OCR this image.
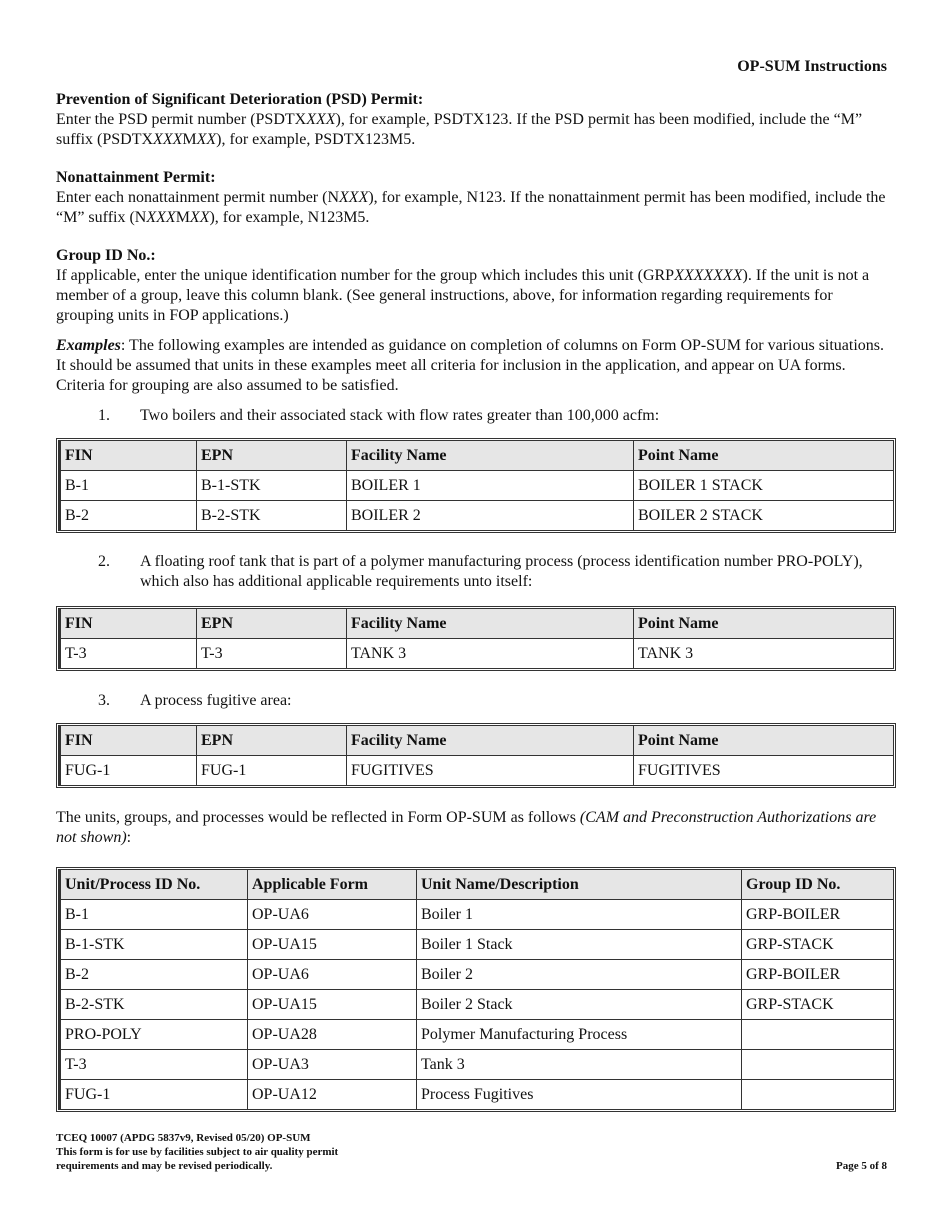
OP-SUM Instructions
Prevention of Significant Deterioration (PSD) Permit:

Enter the PSD permit number (PSDTXXXX), for example, PSDTX123. If the PSD permit has been modified, include the “M” suffix (PSDTXXXXMXX), for example, PSDTX123M5.

Nonattainment Permit:

Enter each nonattainment permit number (NXXX), for example, N123. If the nonattainment permit has been modified, include the “M” suffix (NXXXMXX), for example, N123M5.

Group ID No.:

If applicable, enter the unique identification number for the group which includes this unit (GRPXXXXXXX). If the unit is not a member of a group, leave this column blank. (See general instructions, above, for information regarding requirements for grouping units in FOP applications.)

Examples: The following examples are intended as guidance on completion of columns on Form OP-SUM for various situations. It should be assumed that units in these examples meet all criteria for inclusion in the application, and appear on UA forms. Criteria for grouping are also assumed to be satisfied.

1.	Two boilers and their associated stack with flow rates greater than 100,000 acfm:

FIN	EPN	Facility Name	Point Name
B-1	B-1-STK	BOILER 1	BOILER 1 STACK
B-2	B-2-STK	BOILER 2	BOILER 2 STACK

2.	A floating roof tank that is part of a polymer manufacturing process (process identification number PRO-POLY), which also has additional applicable requirements unto itself:

FIN	EPN	Facility Name	Point Name
T-3	T-3	TANK 3	TANK 3

3.	A process fugitive area:

FIN	EPN	Facility Name	Point Name
FUG-1	FUG-1	FUGITIVES	FUGITIVES

The units, groups, and processes would be reflected in Form OP-SUM as follows (CAM and Preconstruction Authorizations are not shown):

Unit/Process ID No.	Applicable Form	Unit Name/Description	Group ID No.
B-1	OP-UA6	Boiler 1	GRP-BOILER
B-1-STK	OP-UA15	Boiler 1 Stack	GRP-STACK
B-2	OP-UA6	Boiler 2	GRP-BOILER
B-2-STK	OP-UA15	Boiler 2 Stack	GRP-STACK
PRO-POLY	OP-UA28	Polymer Manufacturing Process	
T-3	OP-UA3	Tank 3	
FUG-1	OP-UA12	Process Fugitives	
TCEQ 10007 (APDG 5837v9, Revised 05/20) OP-SUM
This form is for use by facilities subject to air quality permit
requirements and may be revised periodically.	Page 5 of 8
